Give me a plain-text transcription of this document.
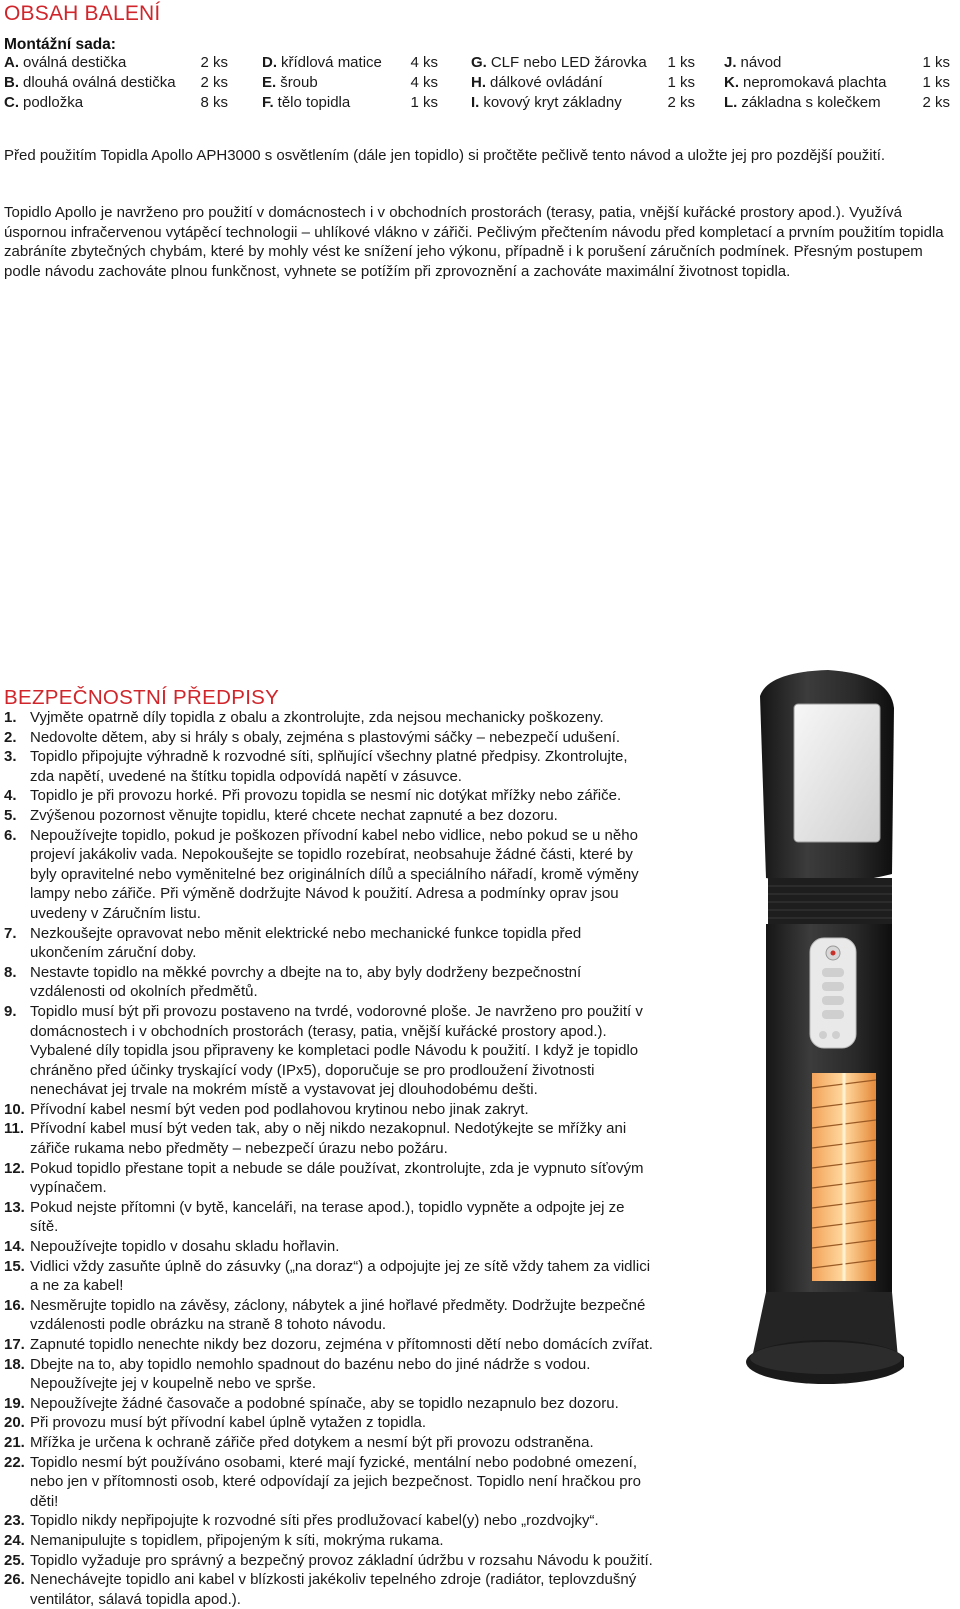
OBSAH BALENÍ
Montážní sada:
A. oválná destička	2 ks
B. dlouhá oválná destička 2 ks
C. podložka	8 ks
D. křídlová matice 4 ks
E. šroub	4 ks
F. tělo topidla	1 ks
G. CLF nebo LED žárovka 1 ks
H. dálkové ovládání	1 ks
I. kovový kryt základny	2 ks
J. návod	1 ks
K. nepromokavá plachta 1 ks
L. základna s kolečkem	2 ks

Před použitím Topidla Apollo APH3000 s osvětlením (dále jen topidlo) si pročtěte pečlivě tento návod a uložte jej pro pozdější použití.

Topidlo Apollo je navrženo pro použití v domácnostech i v obchodních prostorách (terasy, patia, vnější kuřácké prostory apod.). Využívá úspornou infračervenou vytápěcí technologii – uhlíkové vlákno v zářiči. Pečlivým přečtením návodu před kompletací a prvním použitím topidla zabráníte zbytečných chybám, které by mohly vést ke snížení jeho výkonu, případně i k porušení záručních podmínek. Přesným postupem podle návodu zachováte plnou funkčnost, vyhnete se potížím při zprovoznění a zachováte maximální životnost topidla.

BEZPEČNOSTNÍ PŘEDPISY
1. Vyjměte opatrně díly topidla z obalu a zkontrolujte, zda nejsou mechanicky poškozeny.
2. Nedovolte dětem, aby si hrály s obaly, zejména s plastovými sáčky – nebezpečí udušení.
3. Topidlo připojujte výhradně k rozvodné síti, splňující všechny platné předpisy. Zkontrolujte, zda napětí, uvedené na štítku topidla odpovídá napětí v zásuvce.
4. Topidlo je při provozu horké. Při provozu topidla se nesmí nic dotýkat mřížky nebo zářiče.
5. Zvýšenou pozornost věnujte topidlu, které chcete nechat zapnuté a bez dozoru.
6. Nepoužívejte topidlo, pokud je poškozen přívodní kabel nebo vidlice, nebo pokud se u něho projeví jakákoliv vada. Nepokoušejte se topidlo rozebírat, neobsahuje žádné části, které by byly opravitelné nebo vyměnitelné bez originálních dílů a speciálního nářadí, kromě výměny lampy nebo zářiče. Při výměně dodržujte Návod k použití. Adresa a podmínky oprav jsou uvedeny v Záručním listu.
7. Nezkoušejte opravovat nebo měnit elektrické nebo mechanické funkce topidla před ukončením záruční doby.
8. Nestavte topidlo na měkké povrchy a dbejte na to, aby byly dodrženy bezpečnostní vzdálenosti od okolních předmětů.
9. Topidlo musí být při provozu postaveno na tvrdé, vodorovné ploše. Je navrženo pro použití v domácnostech i v obchodních prostorách (terasy, patia, vnější kuřácké prostory apod.). Vybalené díly topidla jsou připraveny ke kompletaci podle Návodu k použití. I když je topidlo chráněno před účinky tryskající vody (IPx5), doporučuje se pro prodloužení životnosti nenechávat jej trvale na mokrém místě a vystavovat jej dlouhodobému dešti.
10. Přívodní kabel nesmí být veden pod podlahovou krytinou nebo jinak zakryt.
11. Přívodní kabel musí být veden tak, aby o něj nikdo nezakopnul. Nedotýkejte se mřížky ani zářiče rukama nebo předměty – nebezpečí úrazu nebo požáru.
12. Pokud topidlo přestane topit a nebude se dále používat, zkontrolujte, zda je vypnuto síťovým vypínačem.
13. Pokud nejste přítomni (v bytě, kanceláři, na terase apod.), topidlo vypněte a odpojte jej ze sítě.
14. Nepoužívejte topidlo v dosahu skladu hořlavin.
15. Vidlici vždy zasuňte úplně do zásuvky („na doraz“) a odpojujte jej ze sítě vždy tahem za vidlici a ne za kabel!
16. Nesměrujte topidlo na závěsy, záclony, nábytek a jiné hořlavé předměty. Dodržujte bezpečné vzdálenosti podle obrázku na straně 8 tohoto návodu.
17. Zapnuté topidlo nenechte nikdy bez dozoru, zejména v přítomnosti dětí nebo domácích zvířat.
18. Dbejte na to, aby topidlo nemohlo spadnout do bazénu nebo do jiné nádrže s vodou. Nepoužívejte jej v koupelně nebo ve sprše.
19. Nepoužívejte žádné časovače a podobné spínače, aby se topidlo nezapnulo bez dozoru.
20. Při provozu musí být přívodní kabel úplně vytažen z topidla.
21. Mřížka je určena k ochraně zářiče před dotykem a nesmí být při provozu odstraněna.
22. Topidlo nesmí být používáno osobami, které mají fyzické, mentální nebo podobné omezení, nebo jen v přítomnosti osob, které odpovídají za jejich bezpečnost. Topidlo není hračkou pro děti!
23. Topidlo nikdy nepřipojujte k rozvodné síti přes prodlužovací kabel(y) nebo „rozdvojky“.
24. Nemanipulujte s topidlem, připojeným k síti, mokrýma rukama.
25. Topidlo vyžaduje pro správný a bezpečný provoz základní údržbu v rozsahu Návodu k použití.
26. Nenechávejte topidlo ani kabel v blízkosti jakékoliv tepelného zdroje (radiátor, teplovzdušný ventilátor, sálavá topidla apod.).
